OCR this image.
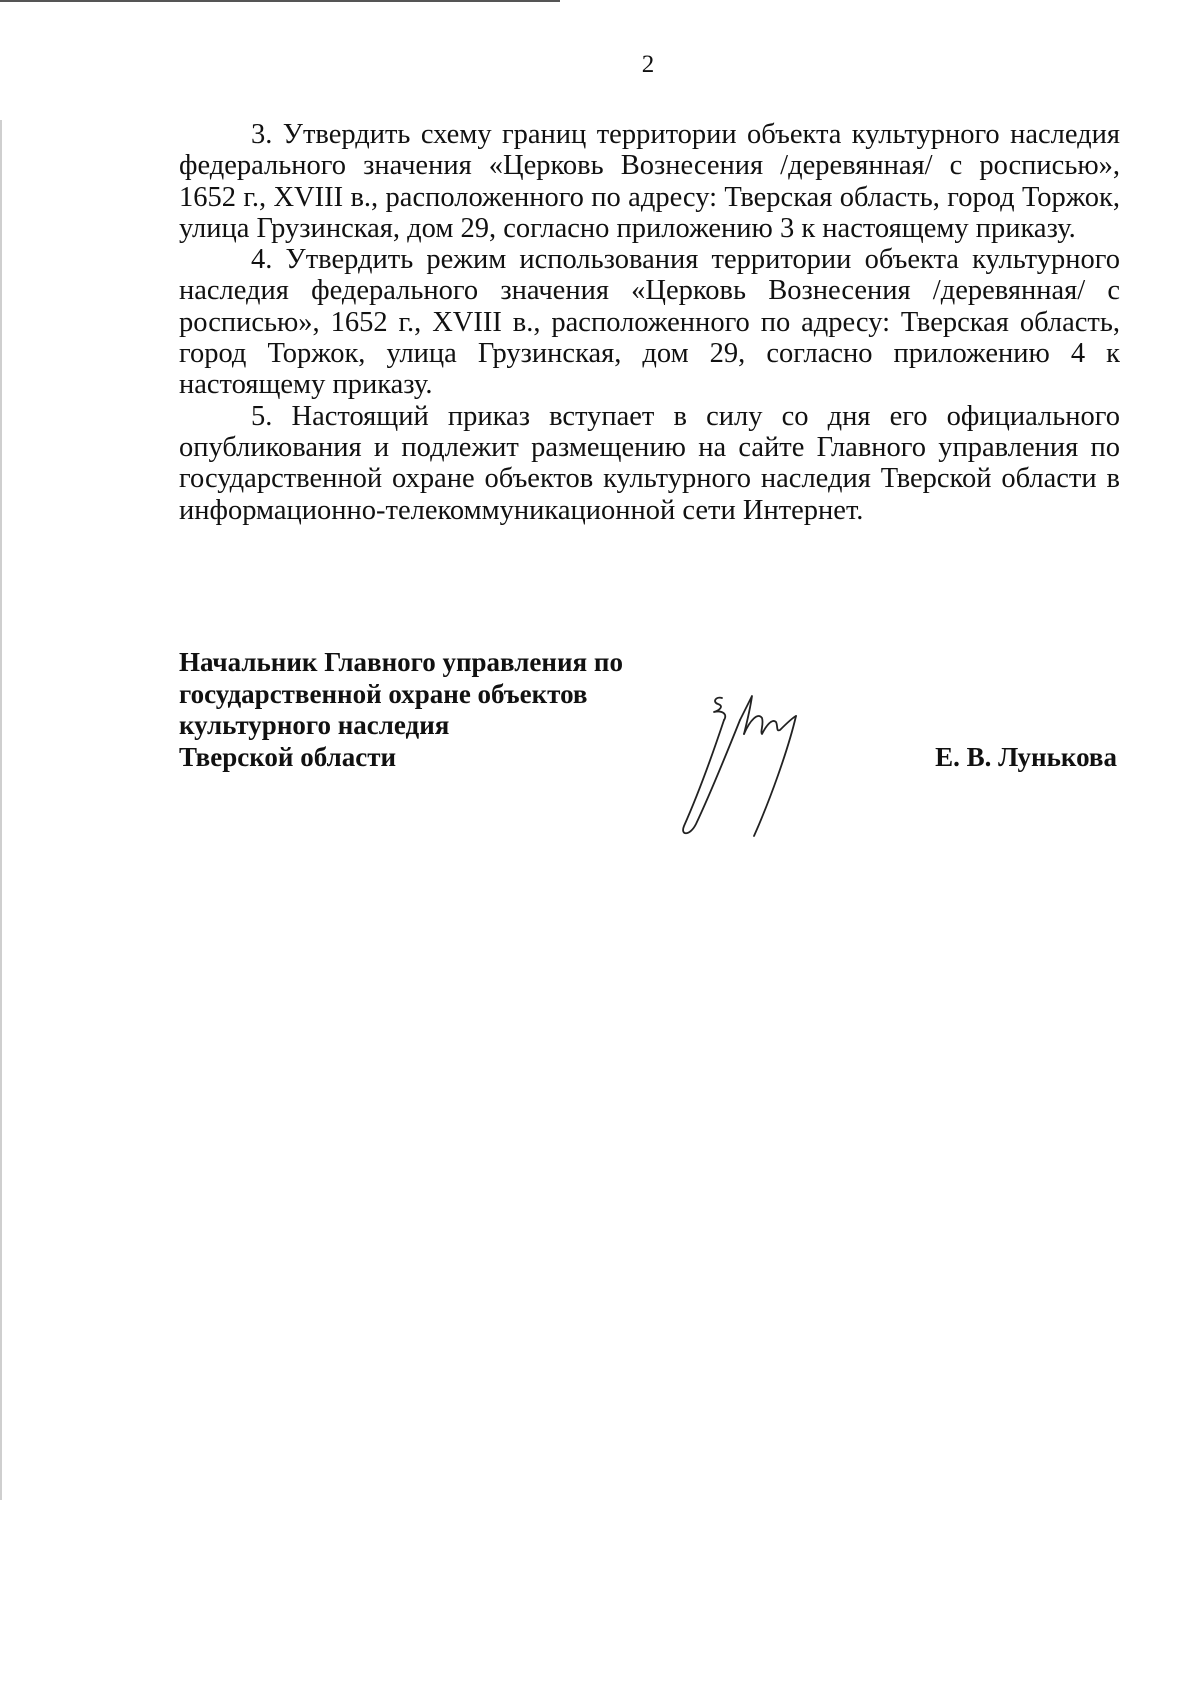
2

3. Утвердить схему границ территории объекта культурного наследия федерального значения «Церковь Вознесения /деревянная/ с росписью», 1652 г., XVIII в., расположенного по адресу: Тверская область, город Торжок, улица Грузинская, дом 29, согласно приложению 3 к настоящему приказу.

4. Утвердить режим использования территории объекта культурного наследия федерального значения «Церковь Вознесения /деревянная/ с росписью», 1652 г., XVIII в., расположенного по адресу: Тверская область, город Торжок, улица Грузинская, дом 29, согласно приложению 4 к настоящему приказу.

5. Настоящий приказ вступает в силу со дня его официального опубликования и подлежит размещению на сайте Главного управления по государственной охране объектов культурного наследия Тверской области в информационно-телекоммуникационной сети Интернет.

Начальник Главного управления по
государственной охране объектов
культурного наследия
Тверской области	Е. В. Лунькова
